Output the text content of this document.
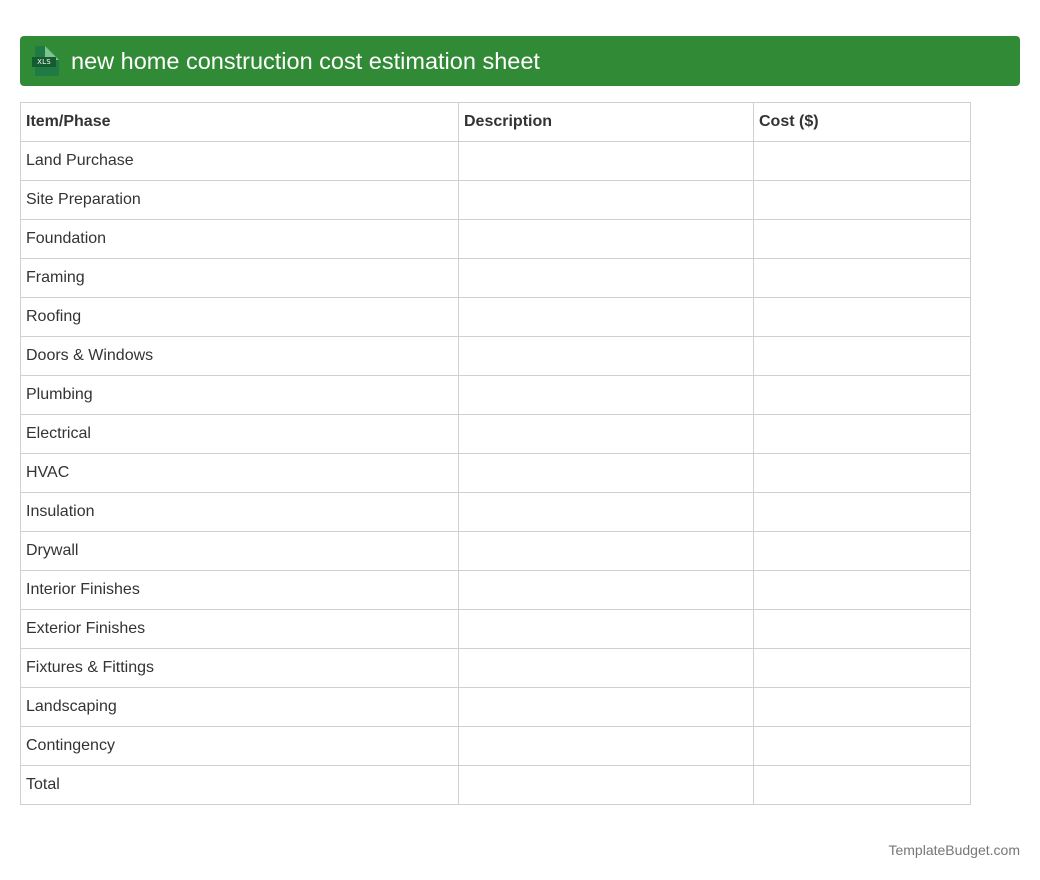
XLS new home construction cost estimation sheet
Item/Phase	Description	Cost ($)
Land Purchase		
Site Preparation		
Foundation		
Framing		
Roofing		
Doors & Windows		
Plumbing		
Electrical		
HVAC		
Insulation		
Drywall		
Interior Finishes		
Exterior Finishes		
Fixtures & Fittings		
Landscaping		
Contingency		
Total		
TemplateBudget.com
